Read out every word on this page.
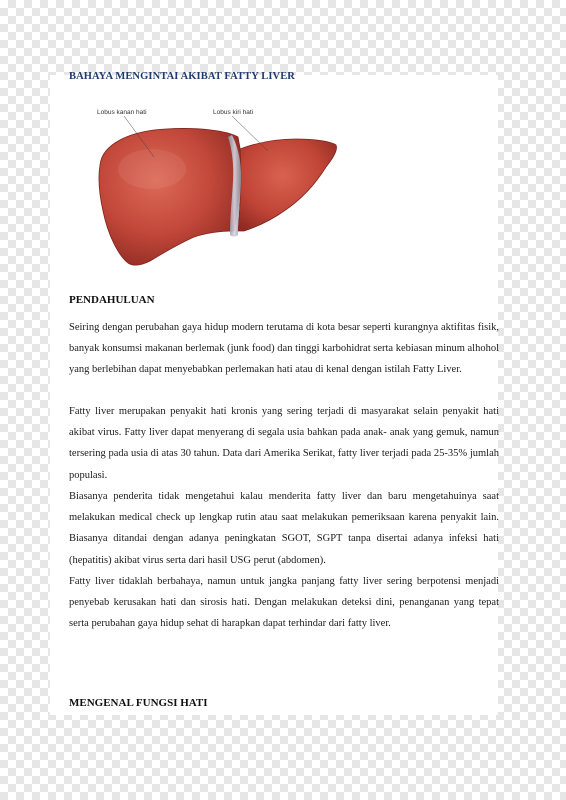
BAHAYA MENGINTAI AKIBAT FATTY LIVER
Lobus kanan hati	Lobus kiri hati
PENDAHULUAN

Seiring dengan perubahan gaya hidup modern terutama di kota besar seperti kurangnya aktifitas fisik, banyak konsumsi makanan berlemak (junk food) dan tinggi karbohidrat serta kebiasan minum alhohol yang berlebihan dapat menyebabkan perlemakan hati atau di kenal dengan istilah Fatty Liver.

Fatty liver merupakan penyakit hati kronis yang sering terjadi di masyarakat selain penyakit hati akibat virus. Fatty liver dapat menyerang di segala usia bahkan pada anak- anak yang gemuk, namun tersering pada usia di atas 30 tahun. Data dari Amerika Serikat, fatty liver terjadi pada 25-35% jumlah populasi.

Biasanya penderita tidak mengetahui kalau menderita fatty liver dan baru mengetahuinya saat melakukan medical check up lengkap rutin atau saat melakukan pemeriksaan karena penyakit lain. Biasanya ditandai dengan adanya peningkatan SGOT, SGPT tanpa disertai adanya infeksi hati (hepatitis) akibat virus serta dari hasil USG perut (abdomen).

Fatty liver tidaklah berbahaya, namun untuk jangka panjang fatty liver sering berpotensi menjadi penyebab kerusakan hati dan sirosis hati. Dengan melakukan deteksi dini, penanganan yang tepat serta perubahan gaya hidup sehat di harapkan dapat terhindar dari fatty liver.

MENGENAL FUNGSI HATI
